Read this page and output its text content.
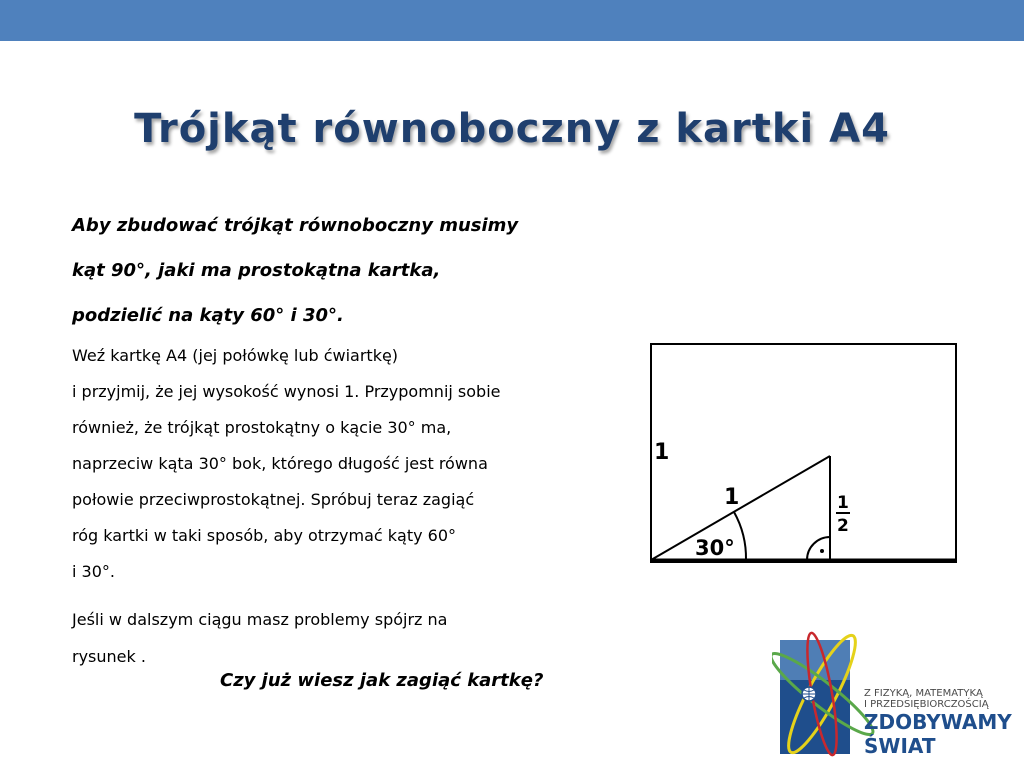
Trójkąt równoboczny z kartki A4
Aby zbudować trójkąt równoboczny musimy
kąt 90°, jaki ma prostokątna kartka,
podzielić na kąty 60° i 30°.
Weź kartkę A4 (jej połówkę lub ćwiartkę)
i przyjmij, że jej wysokość wynosi 1. Przypomnij sobie
również, że trójkąt prostokątny o kącie 30° ma,
naprzeciw kąta 30° bok, którego długość jest równa
połowie przeciwprostokątnej. Spróbuj teraz zagiąć
róg kartki w taki sposób, aby otrzymać kąty 60°
i 30°.
Jeśli w dalszym ciągu masz problemy spójrz na
rysunek .
Czy już wiesz jak zagiąć kartkę?
1
1
30°
1
2
Z FIZYKĄ, MATEMATYKĄ
I PRZEDSIĘBIORCZOŚCIĄ
ZDOBYWAMY
ŚWIAT
